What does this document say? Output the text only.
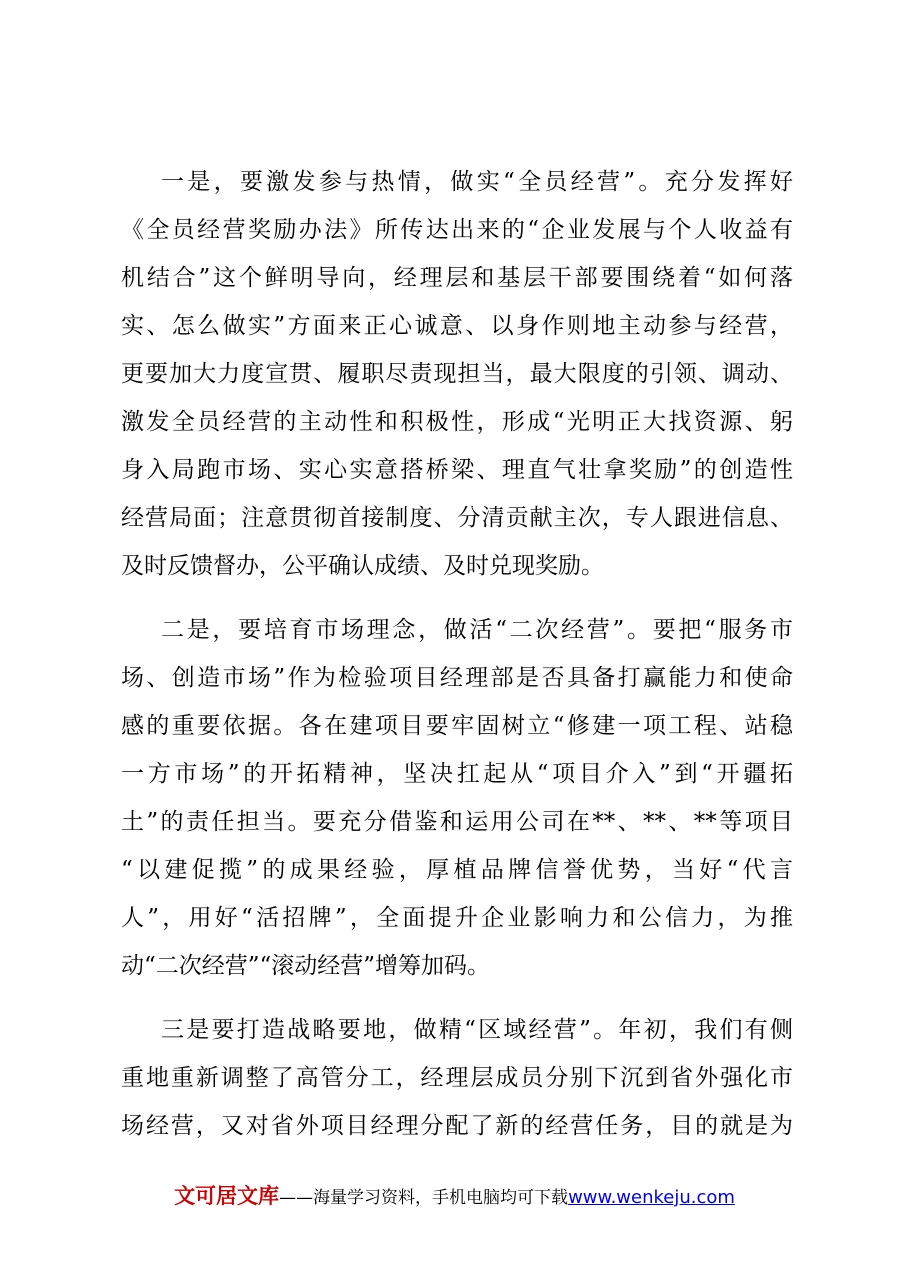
一是，要激发参与热情，做实“全员经营”。充分发挥好
《全员经营奖励办法》所传达出来的“企业发展与个人收益有
机结合”这个鲜明导向，经理层和基层干部要围绕着“如何落
实、怎么做实”方面来正心诚意、以身作则地主动参与经营，
更要加大力度宣贯、履职尽责现担当，最大限度的引领、调动、
激发全员经营的主动性和积极性，形成“光明正大找资源、躬
身入局跑市场、实心实意搭桥梁、理直气壮拿奖励”的创造性
经营局面；注意贯彻首接制度、分清贡献主次，专人跟进信息、
及时反馈督办，公平确认成绩、及时兑现奖励。
二是，要培育市场理念，做活“二次经营”。要把“服务市
场、创造市场”作为检验项目经理部是否具备打赢能力和使命
感的重要依据。各在建项目要牢固树立“修建一项工程、站稳
一方市场”的开拓精神，坚决扛起从“项目介入”到“开疆拓
土”的责任担当。要充分借鉴和运用公司在**、**、**等项目
“以建促揽”的成果经验，厚植品牌信誉优势，当好“代言
人”，用好“活招牌”，全面提升企业影响力和公信力，为推
动“二次经营”“滚动经营”增筹加码。
三是要打造战略要地，做精“区域经营”。年初，我们有侧
重地重新调整了高管分工，经理层成员分别下沉到省外强化市
场经营，又对省外项目经理分配了新的经营任务，目的就是为
文可居文库——海量学习资料，手机电脑均可下载www.wenkeju.com
